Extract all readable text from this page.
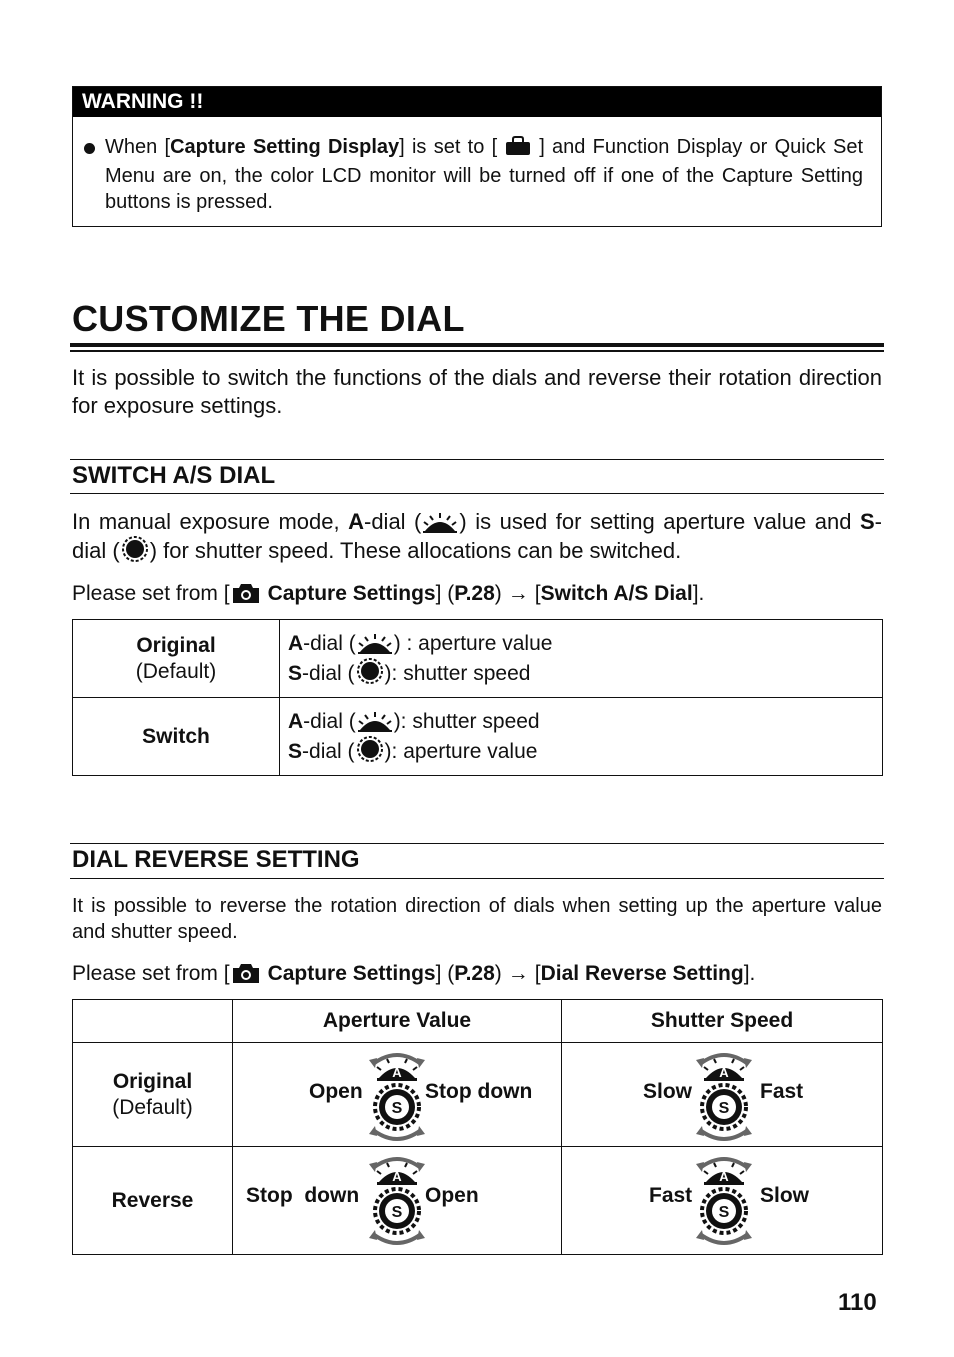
WARNING !!
When [Capture Setting Display] is set to [ ] and Function Display or Quick Set Menu are on, the color LCD monitor will be turned off if one of the Capture Setting buttons is pressed.
CUSTOMIZE THE DIAL

It is possible to switch the functions of the dials and reverse their rotation direction for exposure settings.

SWITCH A/S DIAL

In manual exposure mode, A-dial ( ) is used for setting aperture value and S-dial ( ) for shutter speed. These allocations can be switched.

Please set from [ Capture Settings] (P.28) → [Switch A/S Dial].

Original
(Default)	A-dial ( ) : aperture value
S-dial ( ): shutter speed
Switch	A-dial ( ): shutter speed
S-dial ( ): aperture value
DIAL REVERSE SETTING

It is possible to reverse the rotation direction of dials when setting up the aperture value and shutter speed.

Please set from [ Capture Settings] (P.28) → [Dial Reverse Setting].

	Aperture Value	Shutter Speed
Original
(Default)	Open Stop down	Slow Fast

Reverse	Stop  down Open	Fast Slow
110
